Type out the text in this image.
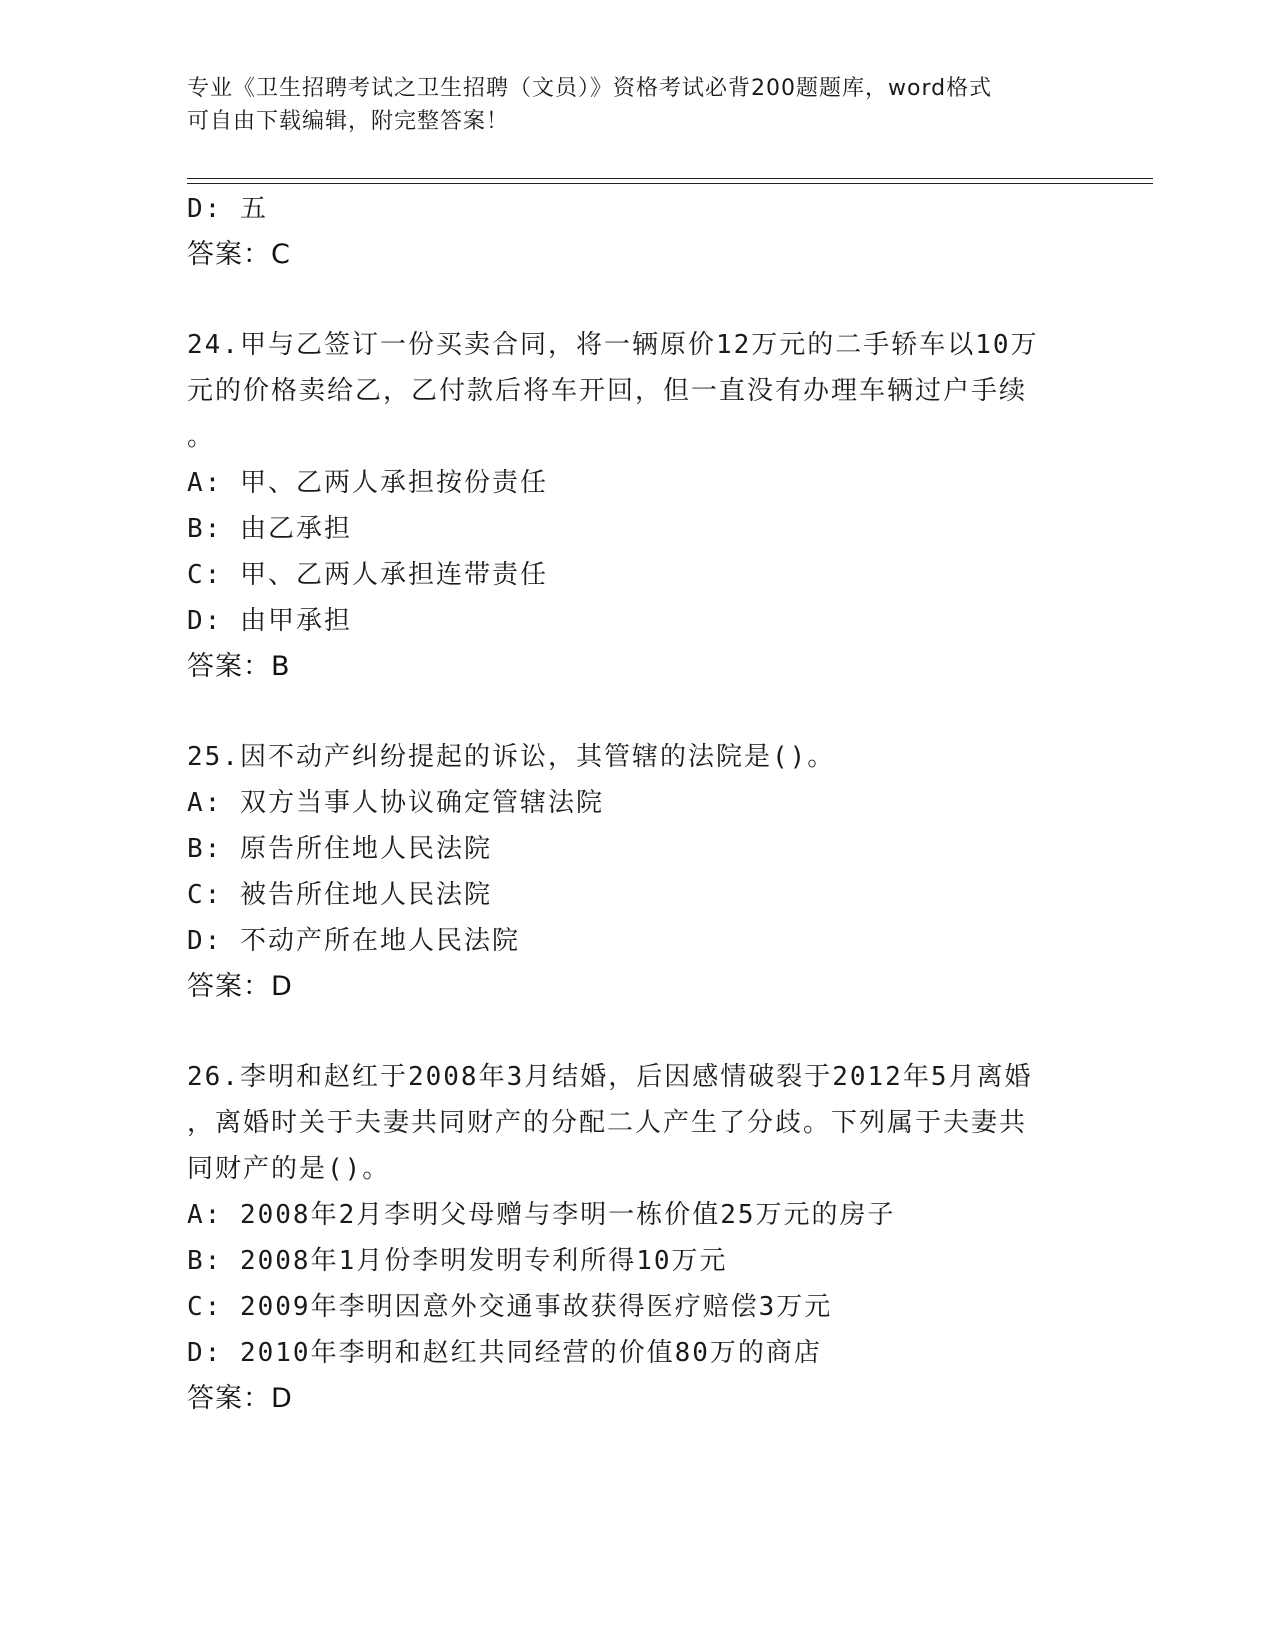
专业《卫生招聘考试之卫生招聘（文员）》资格考试必背200题题库，word格式
可自由下载编辑，附完整答案！
D: 五
答案：C
24.甲与乙签订一份买卖合同，将一辆原价12万元的二手轿车以10万
元的价格卖给乙，乙付款后将车开回，但一直没有办理车辆过户手续
。
A: 甲、乙两人承担按份责任
B: 由乙承担
C: 甲、乙两人承担连带责任
D: 由甲承担
答案：B
25.因不动产纠纷提起的诉讼，其管辖的法院是()。
A: 双方当事人协议确定管辖法院
B: 原告所住地人民法院
C: 被告所住地人民法院
D: 不动产所在地人民法院
答案：D
26.李明和赵红于2008年3月结婚，后因感情破裂于2012年5月离婚
，离婚时关于夫妻共同财产的分配二人产生了分歧。下列属于夫妻共
同财产的是()。
A: 2008年2月李明父母赠与李明一栋价值25万元的房子
B: 2008年1月份李明发明专利所得10万元
C: 2009年李明因意外交通事故获得医疗赔偿3万元
D: 2010年李明和赵红共同经营的价值80万的商店
答案：D
